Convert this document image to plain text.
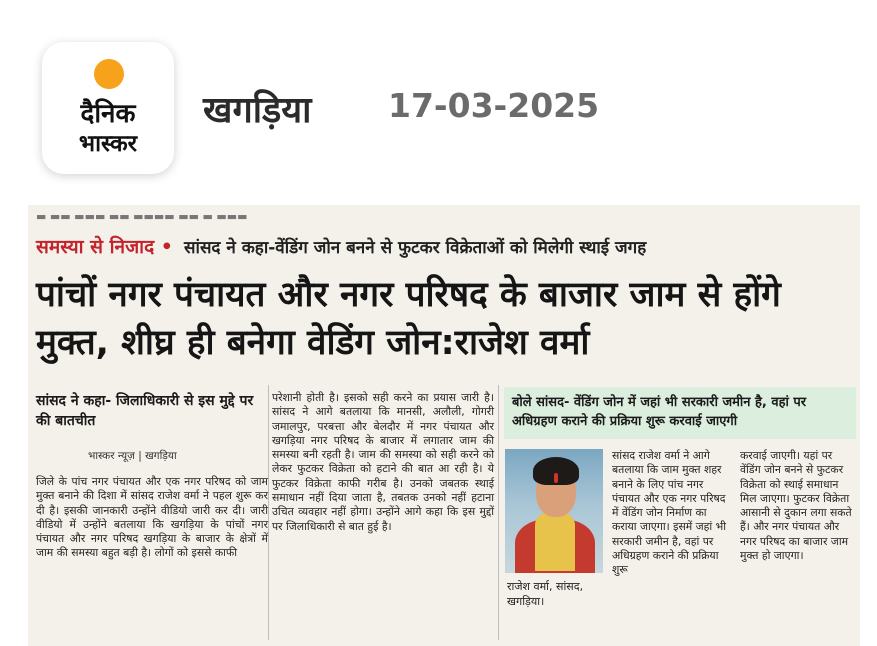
दैनिक
भास्कर
खगड़िया 17-03-2025
▬ ▬▬ ▬▬▬ ▬▬ ▬▬▬▬ ▬▬ ▬ ▬▬▬
समस्या से निजाद • सांसद ने कहा-वेंडिंग जोन बनने से फुटकर विक्रेताओं को मिलेगी स्थाई जगह
पांचों नगर पंचायत और नगर परिषद के बाजार जाम से होंगे मुक्त, शीघ्र ही बनेगा वेडिंग जोन:राजेश वर्मा
सांसद ने कहा- जिलाधिकारी से इस मुद्दे पर की बातचीत
भास्कर न्यूज़ | खगड़िया
जिले के पांच नगर पंचायत और एक नगर परिषद को जाम मुक्त बनाने की दिशा में सांसद राजेश वर्मा ने पहल शुरू कर दी है। इसकी जानकारी उन्होंने वीडियो जारी कर दी। जारी वीडियो में उन्होंने बतलाया कि खगड़िया के पांचों नगर पंचायत और नगर परिषद खगड़िया के बाजार के क्षेत्रों में जाम की समस्या बहुत बड़ी है। लोगों को इससे काफी
परेशानी होती है। इसको सही करने का प्रयास जारी है। सांसद ने आगे बतलाया कि मानसी, अलौली, गोगरी जमालपुर, परबत्ता और बेलदौर में नगर पंचायत और खगड़िया नगर परिषद के बाजार में लगातार जाम की समस्या बनी रहती है। जाम की समस्या को सही करने को लेकर फुटकर विक्रेता को हटाने की बात आ रही है। ये फुटकर विक्रेता काफी गरीब है। उनको जबतक स्थाई समाधान नहीं दिया जाता है, तबतक उनको नहीं हटाना उचित व्यवहार नहीं होगा। उन्होंने आगे कहा कि इस मुद्दों पर जिलाधिकारी से बात हुई है।
बोले सांसद- वेंडिंग जोन में जहां भी सरकारी जमीन है, वहां पर अधिग्रहण कराने की प्रक्रिया शुरू करवाई जाएगी
राजेश वर्मा, सांसद, खगड़िया।
सांसद राजेश वर्मा ने आगे बतलाया कि जाम मुक्त शहर बनाने के लिए पांच नगर पंचायत और एक नगर परिषद में वेंडिंग जोन निर्माण का कराया जाएगा। इसमें जहां भी सरकारी जमीन है, वहां पर अधिग्रहण कराने की प्रक्रिया शुरू
करवाई जाएगी। यहां पर वेंडिंग जोन बनने से फुटकर विक्रेता को स्थाई समाधान मिल जाएगा। फुटकर विक्रेता आसानी से दुकान लगा सकते हैं। और नगर पंचायत और नगर परिषद का बाजार जाम मुक्त हो जाएगा।
